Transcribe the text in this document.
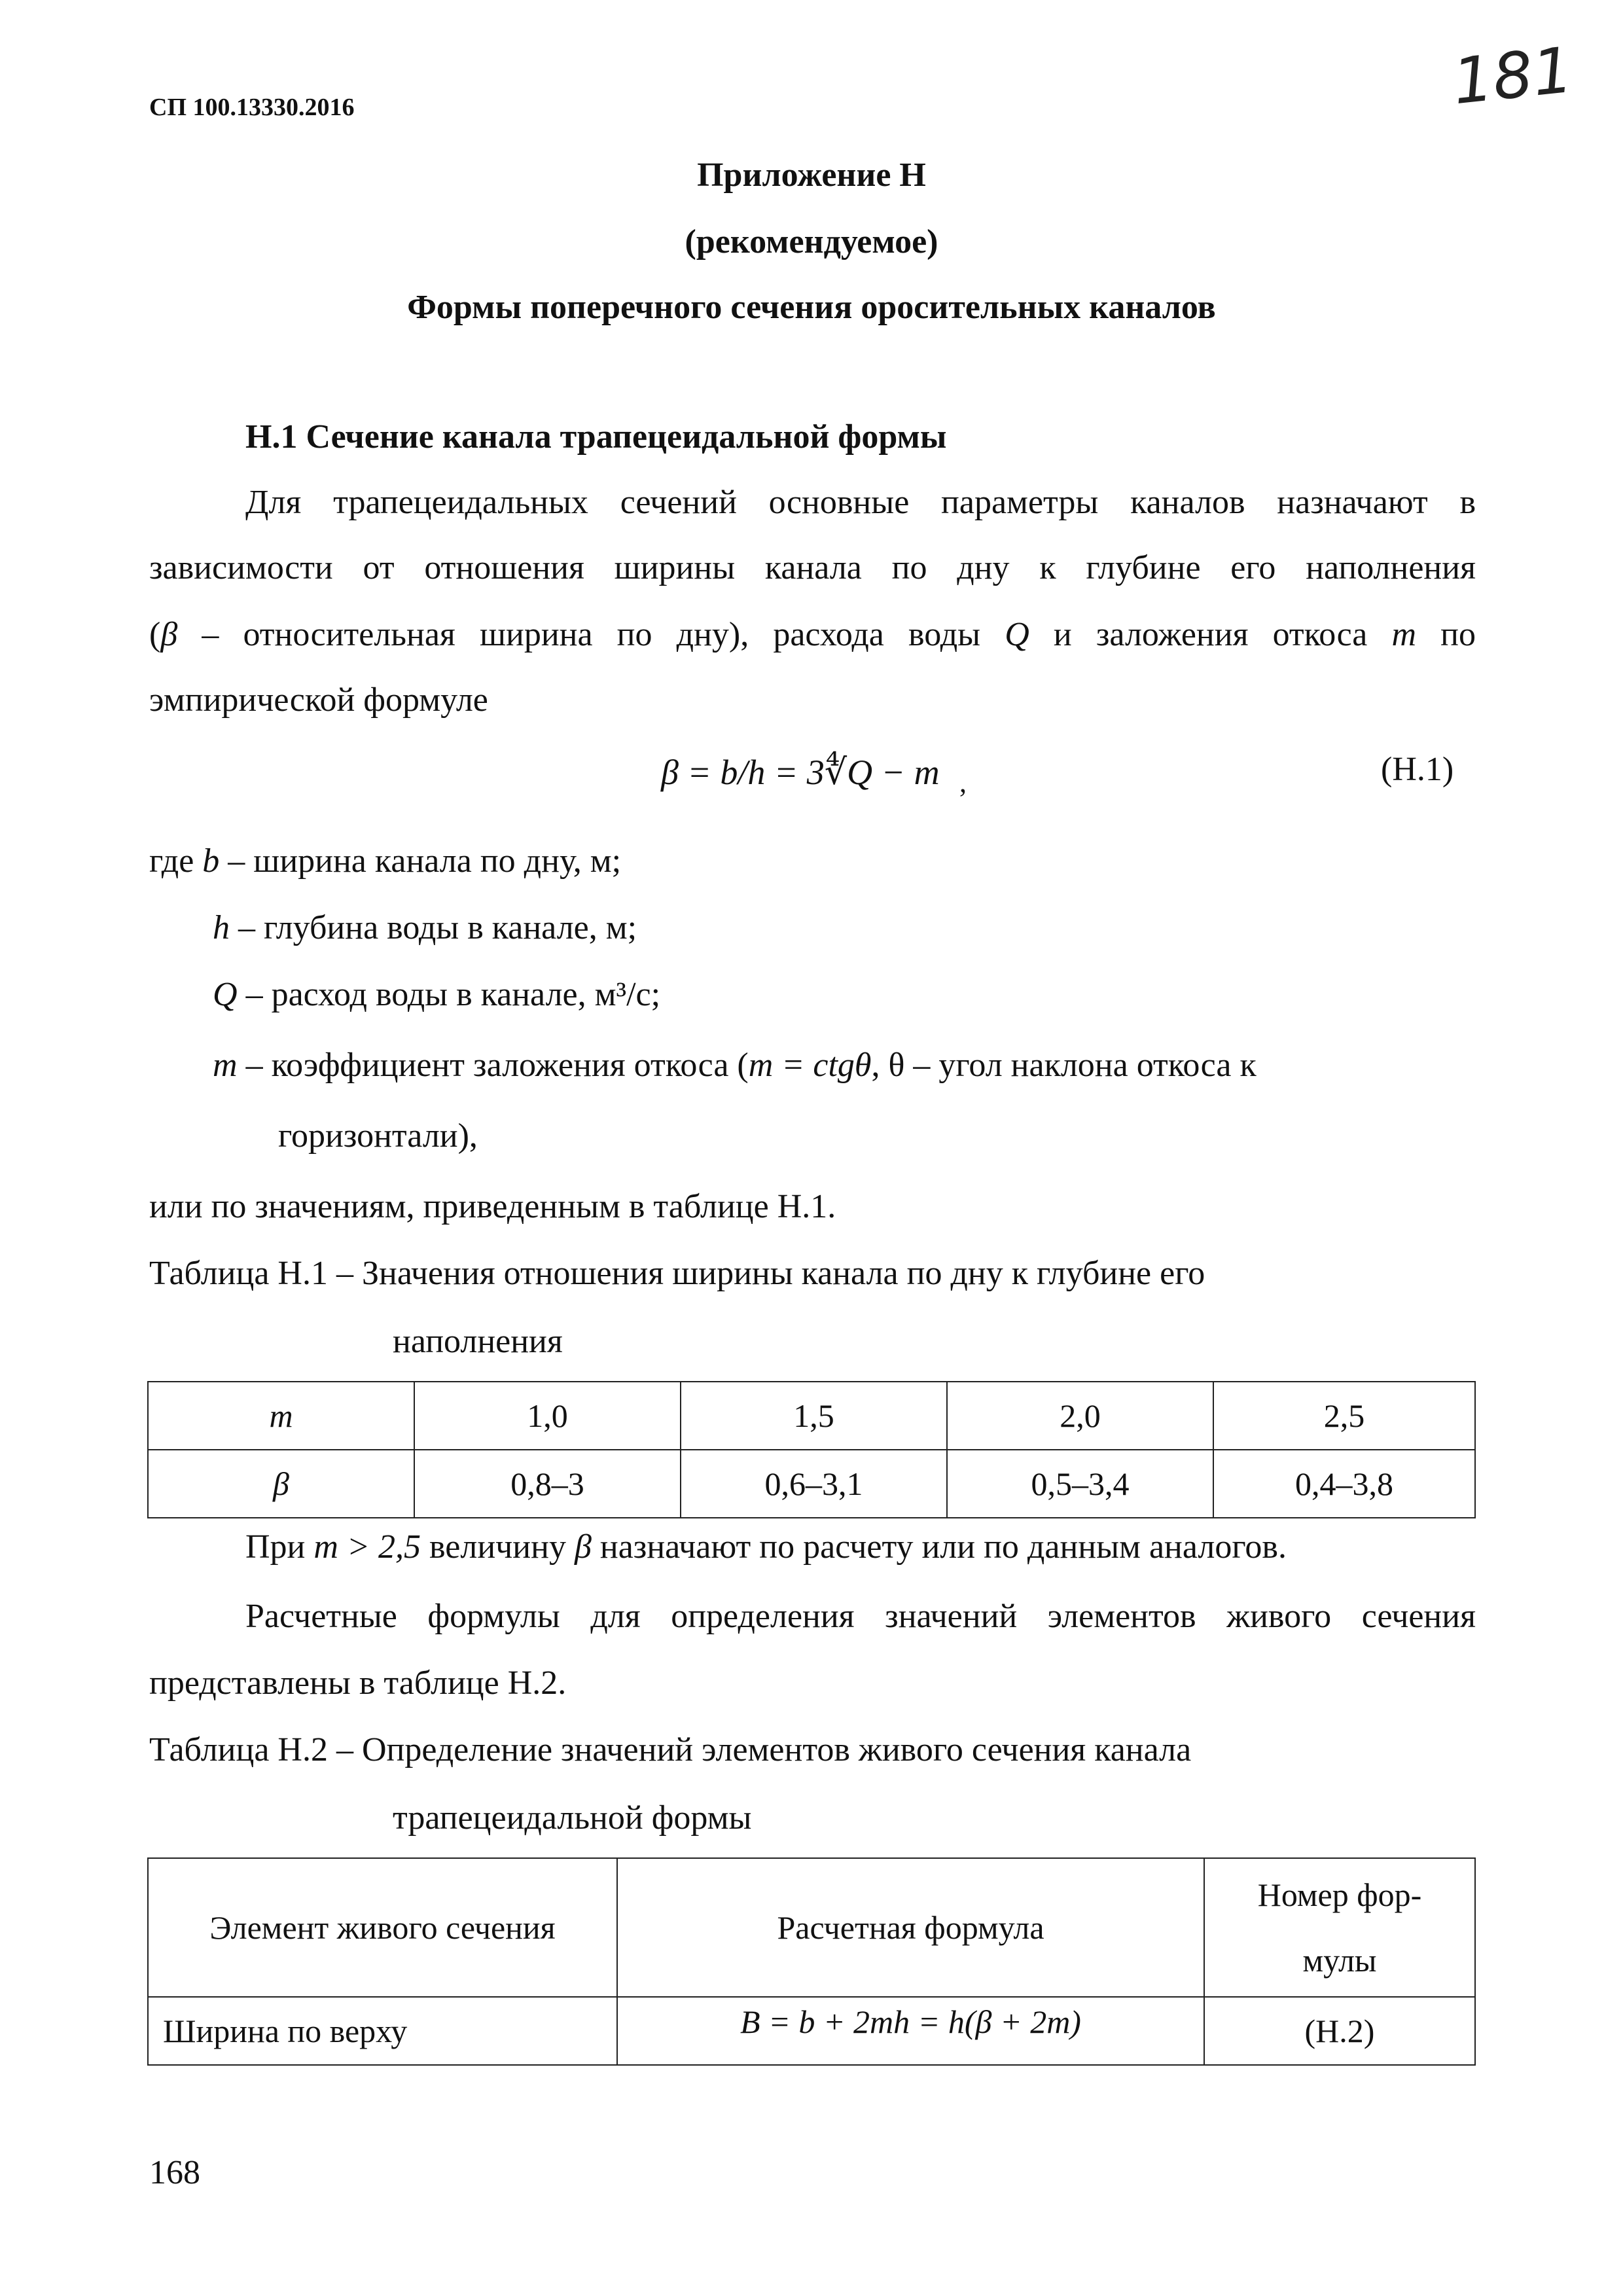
СП 100.13330.2016	181
Приложение Н
(рекомендуемое)
Формы поперечного сечения оросительных каналов
Н.1 Сечение канала трапецеидальной формы
Для трапецеидальных сечений основные параметры каналов назначают в
зависимости от отношения ширины канала по дну к глубине его наполнения
(β – относительная ширина по дну), расхода воды Q и заложения откоса m по
эмпирической формуле
β = b/h = 3∜Q − m ,	(Н.1)
где b – ширина канала по дну, м;
h – глубина воды в канале, м;
Q – расход воды в канале, м³/с;
m – коэффициент заложения откоса (m = ctgθ, θ – угол наклона откоса к
горизонтали),
или по значениям, приведенным в таблице Н.1.
Таблица Н.1 – Значения отношения ширины канала по дну к глубине его
наполнения
m	1,0	1,5	2,0	2,5
β	0,8–3	0,6–3,1	0,5–3,4	0,4–3,8
При m > 2,5 величину β назначают по расчету или по данным аналогов.
Расчетные формулы для определения значений элементов живого сечения
представлены в таблице Н.2.
Таблица Н.2 – Определение значений элементов живого сечения канала
трапецеидальной формы
Элемент живого сечения	Расчетная формула	Номер фор-
мулы
Ширина по верху	B = b + 2mh = h(β + 2m)	(Н.2)
168
